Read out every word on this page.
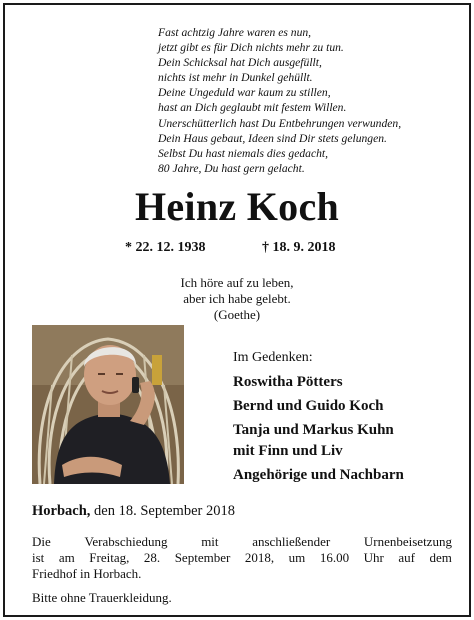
Fast achtzig Jahre waren es nun,
jetzt gibt es für Dich nichts mehr zu tun.
Dein Schicksal hat Dich ausgefüllt,
nichts ist mehr in Dunkel gehüllt.
Deine Ungeduld war kaum zu stillen,
hast an Dich geglaubt mit festem Willen.
Unerschütterlich hast Du Entbehrungen verwunden,
Dein Haus gebaut, Ideen sind Dir stets gelungen.
Selbst Du hast niemals dies gedacht,
80 Jahre, Du hast gern gelacht.
Heinz Koch
* 22. 12. 1938	† 18. 9. 2018
Ich höre auf zu leben,
aber ich habe gelebt.
(Goethe)
Im Gedenken:
Roswitha Pötters
Bernd und Guido Koch
Tanja und Markus Kuhn
mit Finn und Liv
Angehörige und Nachbarn
Horbach, den 18. September 2018
Die	Verabschiedung	mit	anschließender	Urnenbeisetzung
ist am Freitag, 28. September 2018, um 16.00 Uhr auf dem
Friedhof in Horbach.
Bitte ohne Trauerkleidung.
